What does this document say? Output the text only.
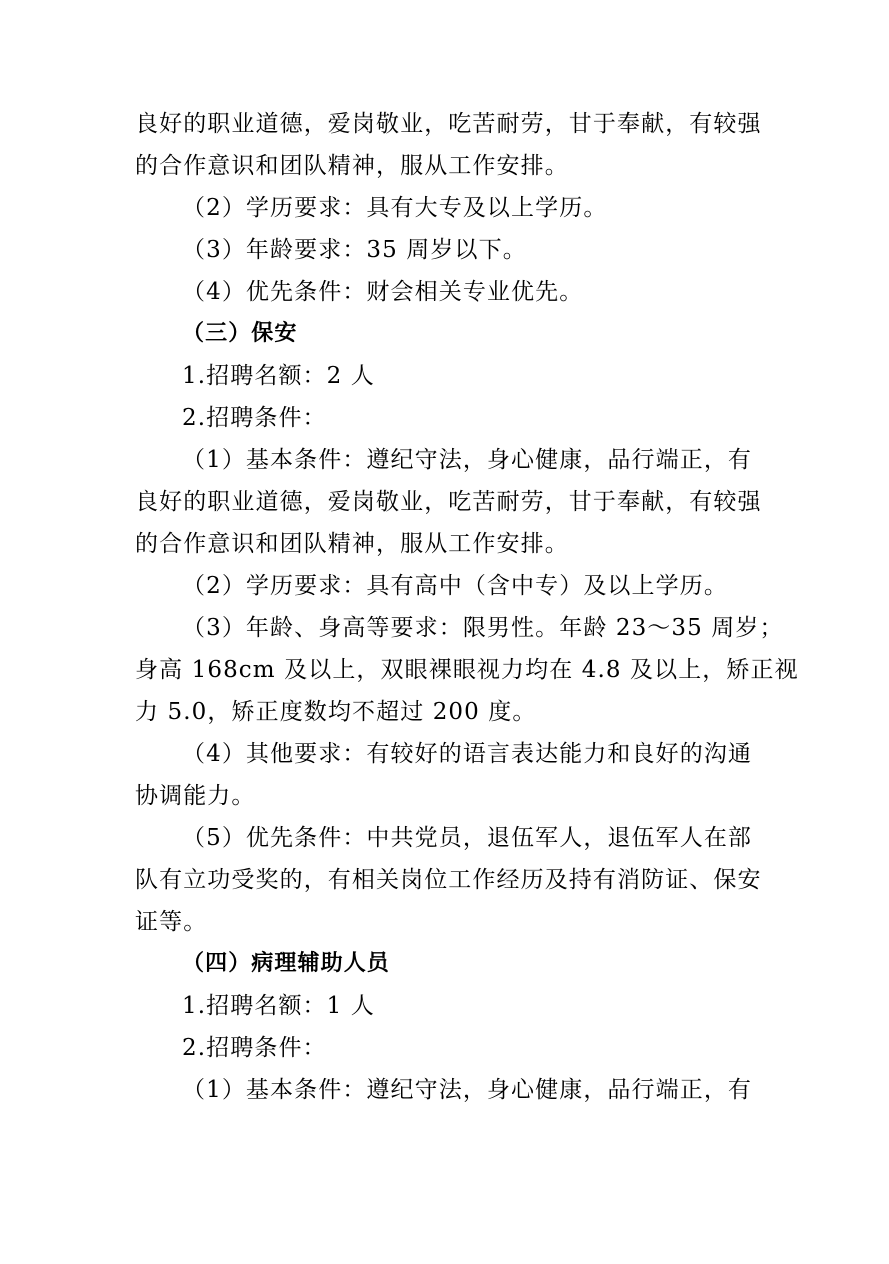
良好的职业道德，爱岗敬业，吃苦耐劳，甘于奉献，有较强
的合作意识和团队精神，服从工作安排。
（2）学历要求：具有大专及以上学历。
（3）年龄要求：35 周岁以下。
（4）优先条件：财会相关专业优先。
（三）保安
1.招聘名额：2 人
2.招聘条件：
（1）基本条件：遵纪守法，身心健康，品行端正，有
良好的职业道德，爱岗敬业，吃苦耐劳，甘于奉献，有较强
的合作意识和团队精神，服从工作安排。
（2）学历要求：具有高中（含中专）及以上学历。
（3）年龄、身高等要求：限男性。年龄 23～35 周岁；
身高 168cm 及以上，双眼裸眼视力均在 4.8 及以上，矫正视
力 5.0，矫正度数均不超过 200 度。
（4）其他要求：有较好的语言表达能力和良好的沟通
协调能力。
（5）优先条件：中共党员，退伍军人，退伍军人在部
队有立功受奖的，有相关岗位工作经历及持有消防证、保安
证等。
（四）病理辅助人员
1.招聘名额：1 人
2.招聘条件：
（1）基本条件：遵纪守法，身心健康，品行端正，有
